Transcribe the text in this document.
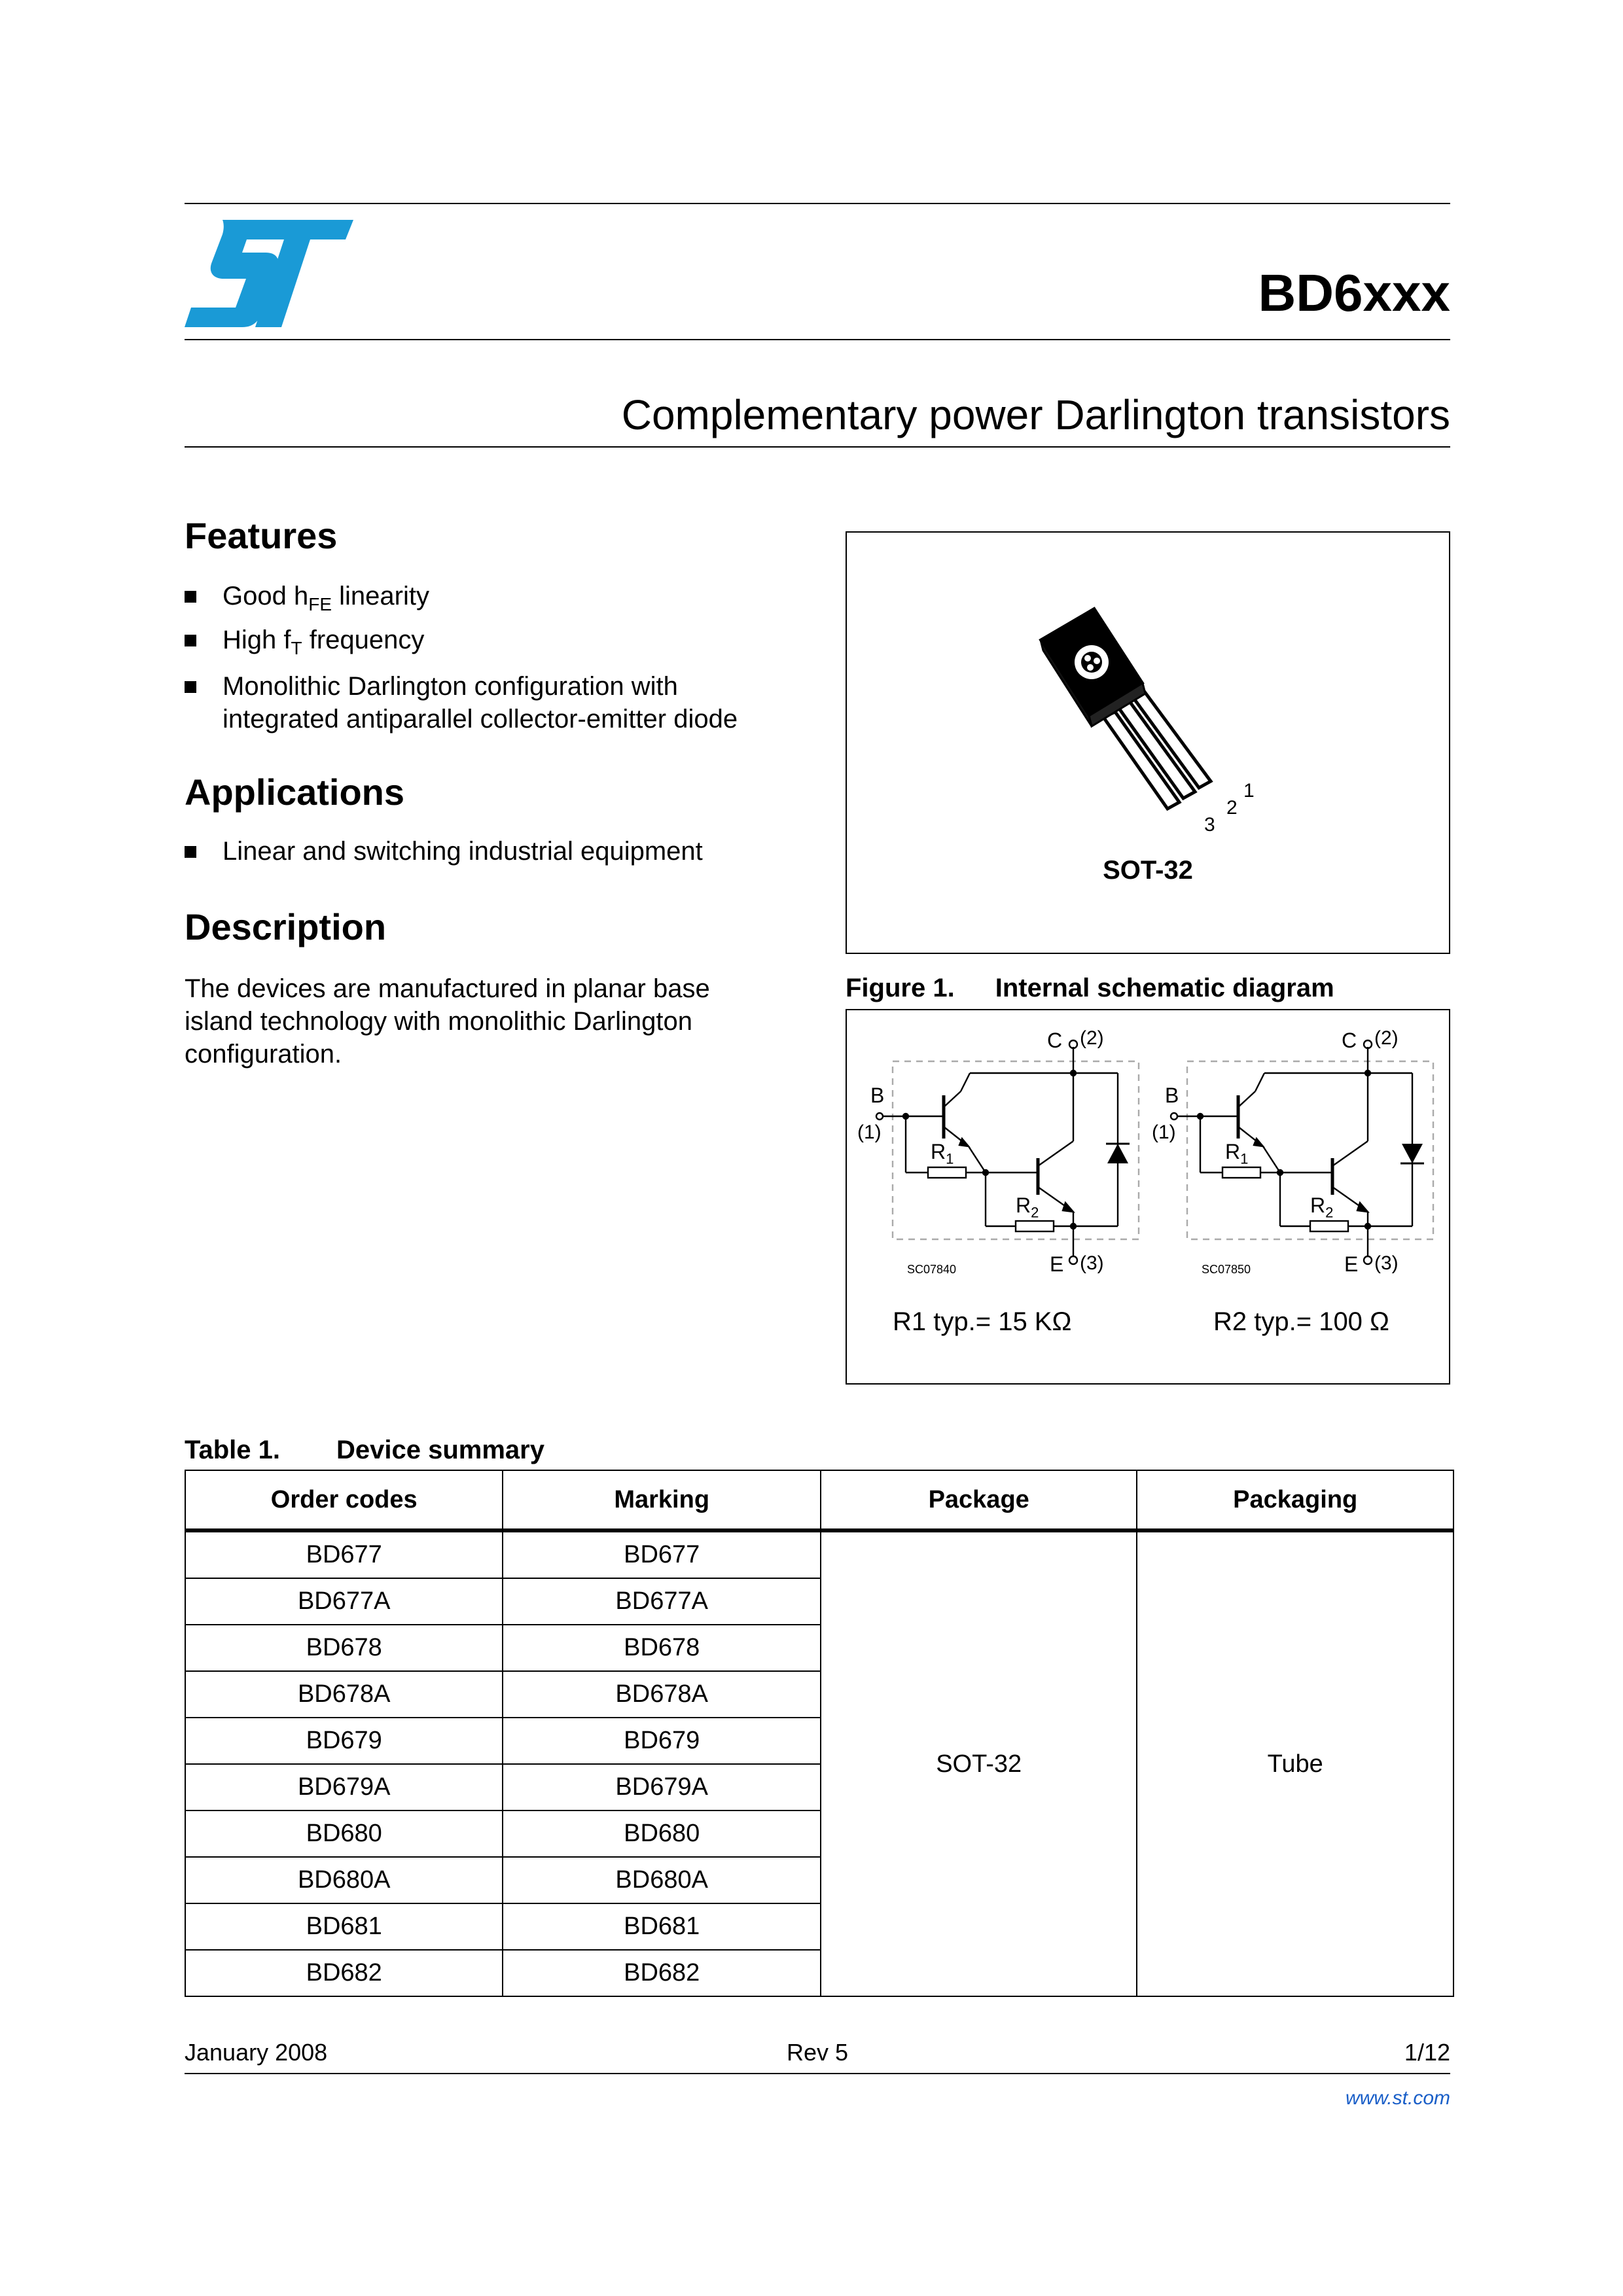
BD6xxx
Complementary power Darlington transistors
Features
Good $h_{FE}$ linearity
High $f_T$ frequency
Monolithic Darlington configuration with
integrated antiparallel collector-emitter diode
Applications
Linear and switching industrial equipment
Description
The devices are manufactured in planar base
island technology with monolithic Darlington
configuration.
1
2
3
SOT-32
Figure 1. Internal schematic diagram
C (2)
B
(1)
$R_1$
$R_2$
E (3)
SC07840
C (2)
B
(1)
$R_1$
$R_2$
E (3)
SC07850
R1 typ.= 15 KΩ	R2 typ.= 100 Ω
Table 1. Device summary
Order codes	Marking	Package	Packaging
BD677	BD677	SOT-32	Tube
BD677A	BD677A		
BD678	BD678		
BD678A	BD678A		
BD679	BD679		
BD679A	BD679A		
BD680	BD680		
BD680A	BD680A		
BD681	BD681		
BD682	BD682		
January 2008	Rev 5	1/12
www.st.com
